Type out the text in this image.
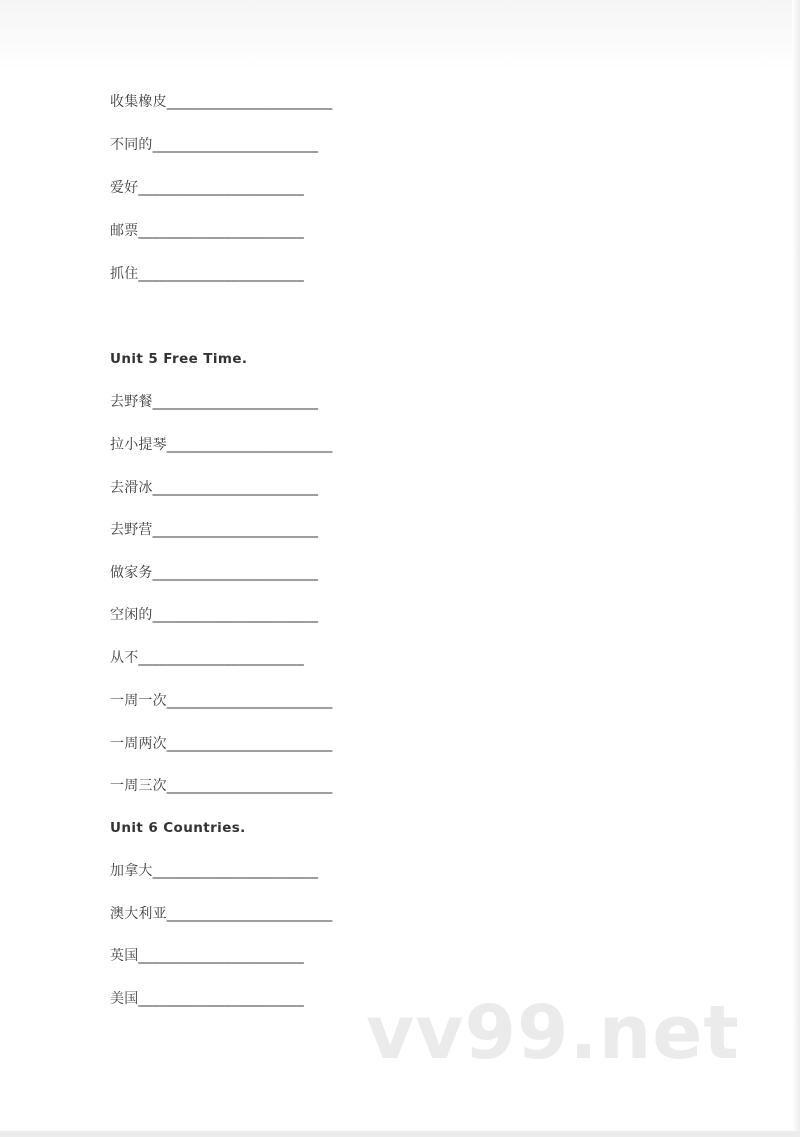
收集橡皮_______________________
不同的_______________________
爱好_______________________
邮票_______________________
抓住_______________________
Unit 5 Free Time.
去野餐_______________________
拉小提琴_______________________
去滑冰_______________________
去野营_______________________
做家务_______________________
空闲的_______________________
从不_______________________
一周一次_______________________
一周两次_______________________
一周三次_______________________
Unit 6 Countries.
加拿大_______________________
澳大利亚_______________________
英国_______________________
美国_______________________ vv99.net
